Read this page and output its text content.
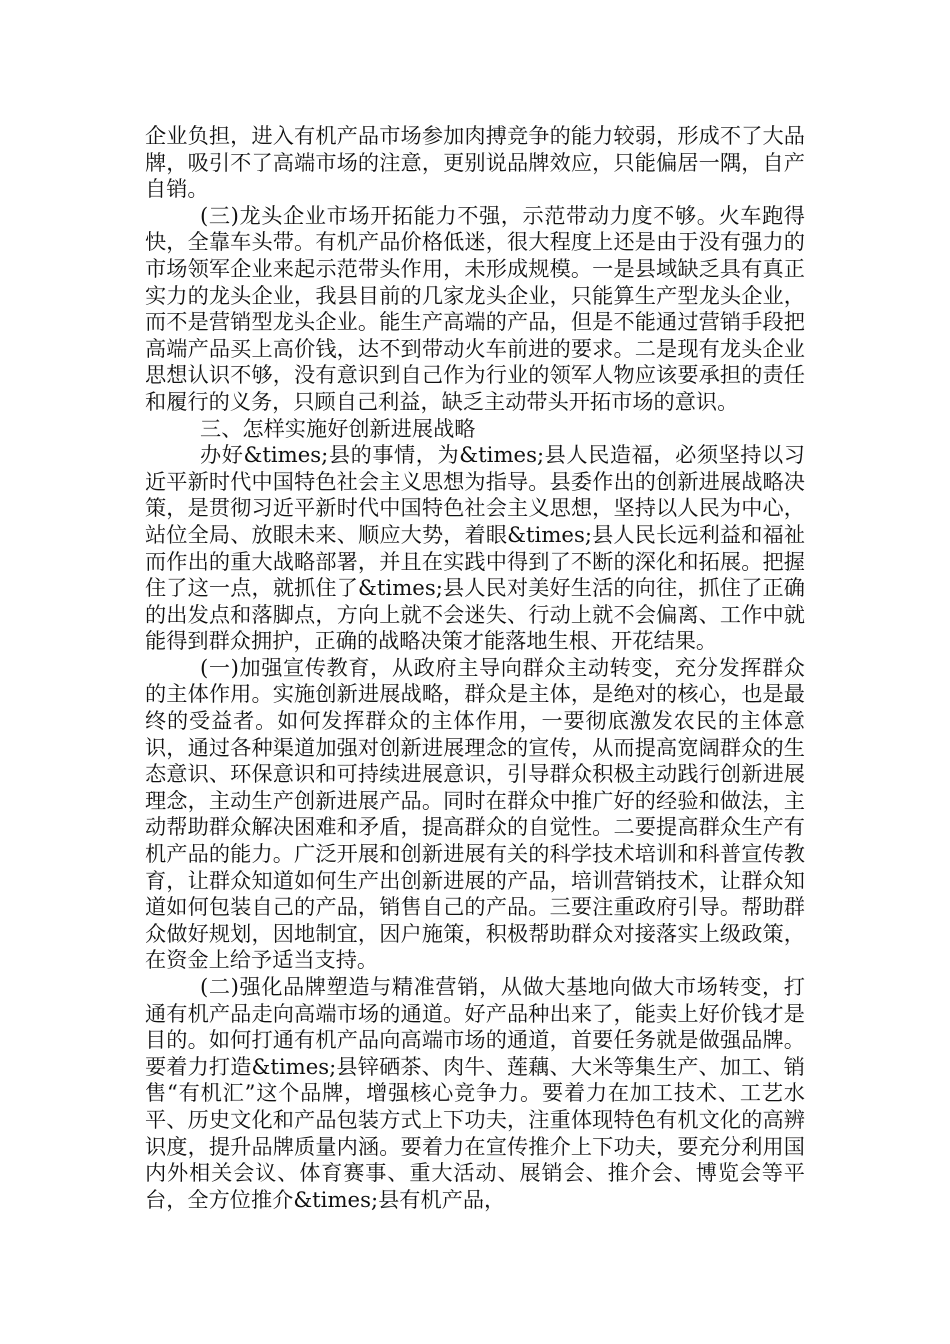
企业负担，进入有机产品市场参加肉搏竞争的能力较弱，形成不了大品牌，吸引不了高端市场的注意，更别说品牌效应，只能偏居一隅，自产自销。

(三)龙头企业市场开拓能力不强，示范带动力度不够。火车跑得快，全靠车头带。有机产品价格低迷，很大程度上还是由于没有强力的市场领军企业来起示范带头作用，未形成规模。一是县域缺乏具有真正实力的龙头企业，我县目前的几家龙头企业，只能算生产型龙头企业，而不是营销型龙头企业。能生产高端的产品，但是不能通过营销手段把高端产品买上高价钱，达不到带动火车前进的要求。二是现有龙头企业思想认识不够，没有意识到自己作为行业的领军人物应该要承担的责任和履行的义务，只顾自己利益，缺乏主动带头开拓市场的意识。

三、怎样实施好创新进展战略

办好&times;县的事情，为&times;县人民造福，必须坚持以习近平新时代中国特色社会主义思想为指导。县委作出的创新进展战略决策，是贯彻习近平新时代中国特色社会主义思想，坚持以人民为中心，站位全局、放眼未来、顺应大势，着眼&times;县人民长远利益和福祉而作出的重大战略部署，并且在实践中得到了不断的深化和拓展。把握住了这一点，就抓住了&times;县人民对美好生活的向往，抓住了正确的出发点和落脚点，方向上就不会迷失、行动上就不会偏离、工作中就能得到群众拥护，正确的战略决策才能落地生根、开花结果。

(一)加强宣传教育，从政府主导向群众主动转变，充分发挥群众的主体作用。实施创新进展战略，群众是主体，是绝对的核心，也是最终的受益者。如何发挥群众的主体作用，一要彻底激发农民的主体意识，通过各种渠道加强对创新进展理念的宣传，从而提高宽阔群众的生态意识、环保意识和可持续进展意识，引导群众积极主动践行创新进展理念，主动生产创新进展产品。同时在群众中推广好的经验和做法，主动帮助群众解决困难和矛盾，提高群众的自觉性。二要提高群众生产有机产品的能力。广泛开展和创新进展有关的科学技术培训和科普宣传教育，让群众知道如何生产出创新进展的产品，培训营销技术，让群众知道如何包装自己的产品，销售自己的产品。三要注重政府引导。帮助群众做好规划，因地制宜，因户施策，积极帮助群众对接落实上级政策，在资金上给予适当支持。

(二)强化品牌塑造与精准营销，从做大基地向做大市场转变，打通有机产品走向高端市场的通道。好产品种出来了，能卖上好价钱才是目的。如何打通有机产品向高端市场的通道，首要任务就是做强品牌。要着力打造&times;县锌硒茶、肉牛、莲藕、大米等集生产、加工、销售“有机汇”这个品牌，增强核心竞争力。要着力在加工技术、工艺水平、历史文化和产品包装方式上下功夫，注重体现特色有机文化的高辨识度，提升品牌质量内涵。要着力在宣传推介上下功夫，要充分利用国内外相关会议、体育赛事、重大活动、展销会、推介会、博览会等平台，全方位推介&times;县有机产品，
